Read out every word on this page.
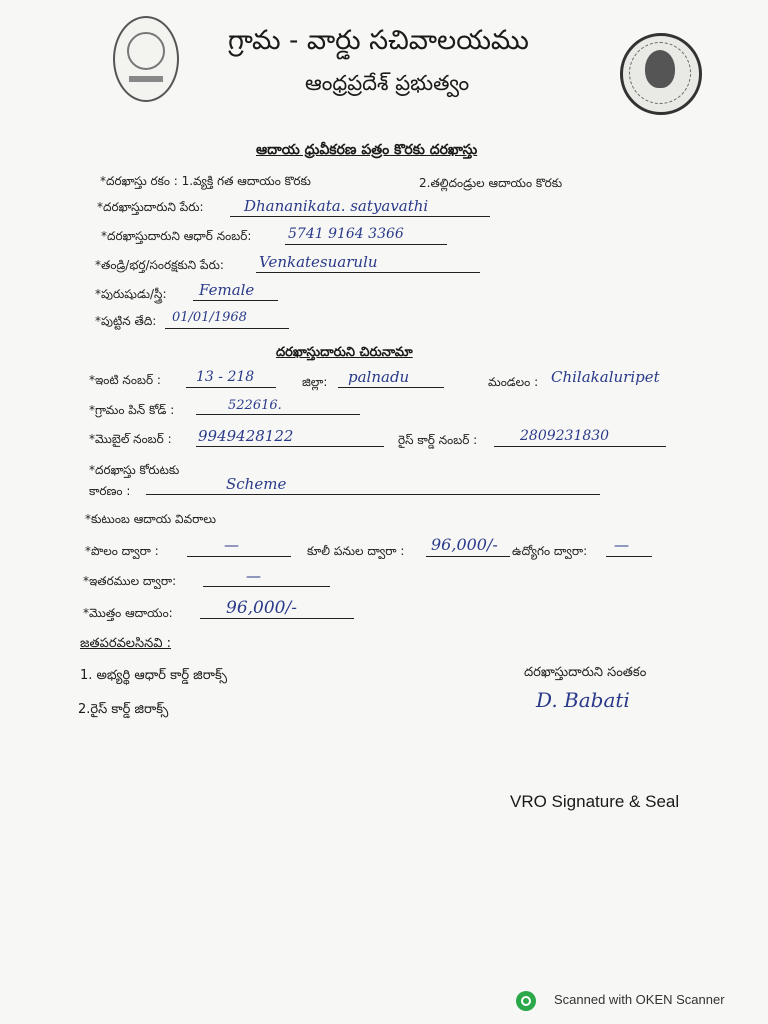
గ్రామ - వార్డు సచివాలయము
ఆంధ్రప్రదేశ్ ప్రభుత్వం
ఆదాయ ధ్రువీకరణ పత్రం కొరకు దరఖాస్తు
*దరఖాస్తు రకం : 1.వ్యక్తి గత ఆదాయం కొరకు	2.తల్లిదండ్రుల ఆదాయం కొరకు
*దరఖాస్తుదారుని పేరు:	Dhananikata. satyavathi
*దరఖాస్తుదారుని ఆధార్ నంబర్:	5741 9164 3366
*తండ్రి/భర్త/సంరక్షకుని పేరు: Venkatesuarulu
*పురుషుడు/స్త్రీ: Female
*పుట్టిన తేది: 01/01/1968
దరఖాస్తుదారుని చిరునామా
*ఇంటి నంబర్ :	13 - 218	జిల్లా: palnadu	మండలం : Chilakaluripet
*గ్రామం పిన్ కోడ్ :	522616.
*మొబైల్ నంబర్ : 9949428122	రైస్ కార్డ్ నంబర్ :	2809231830
*దరఖాస్తు కోరుటకు
కారణం :	Scheme
*కుటుంబ ఆదాయ వివరాలు
*పొలం ద్వారా :	—	కూలీ పనుల ద్వారా : 96,000/- ఉద్యోగం ద్వారా: —
*ఇతరముల ద్వారా:	—
*మొత్తం ఆదాయం:	96,000/-
జతపరవలసినవి :
1. అభ్యర్థి ఆధార్ కార్డ్ జిరాక్స్
2.రైస్ కార్డ్ జిరాక్స్
దరఖాస్తుదారుని సంతకం
D. Babati
VRO Signature & Seal
Scanned with OKEN Scanner
